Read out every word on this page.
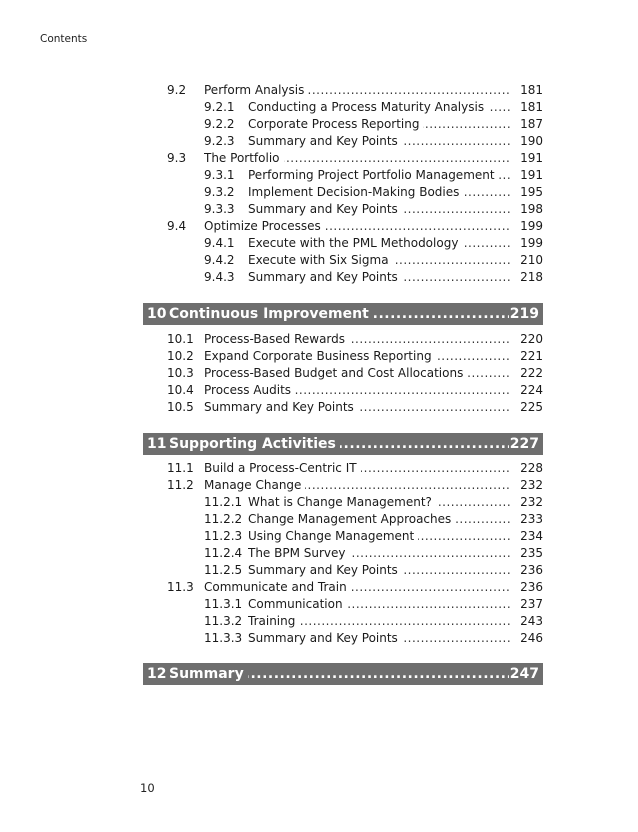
Contents
9.2 Perform Analysis .....	181
9.2.1 Conducting a Process Maturity Analysis .....	181
9.2.2 Corporate Process Reporting .....	187
9.2.3 Summary and Key Points .....	190
9.3 The Portfolio .....	191
9.3.1 Performing Project Portfolio Management .....	191
9.3.2 Implement Decision-Making Bodies .....	195
9.3.3 Summary and Key Points .....	198
9.4 Optimize Processes .....	199
9.4.1 Execute with the PML Methodology .....	199
9.4.2 Execute with Six Sigma .....	210
9.4.3 Summary and Key Points .....	218
10 Continuous Improvement .....	219
10.1 Process-Based Rewards .....	220
10.2 Expand Corporate Business Reporting .....	221
10.3 Process-Based Budget and Cost Allocations .....	222
10.4 Process Audits .....	224
10.5 Summary and Key Points .....	225
11 Supporting Activities .....	227
11.1 Build a Process-Centric IT .....	228
11.2 Manage Change .....	232
11.2.1 What is Change Management? .....	232
11.2.2 Change Management Approaches .....	233
11.2.3 Using Change Management .....	234
11.2.4 The BPM Survey .....	235
11.2.5 Summary and Key Points .....	236
11.3 Communicate and Train .....	236
11.3.1 Communication .....	237
11.3.2 Training .....	243
11.3.3 Summary and Key Points .....	246
12 Summary .....	247
10
